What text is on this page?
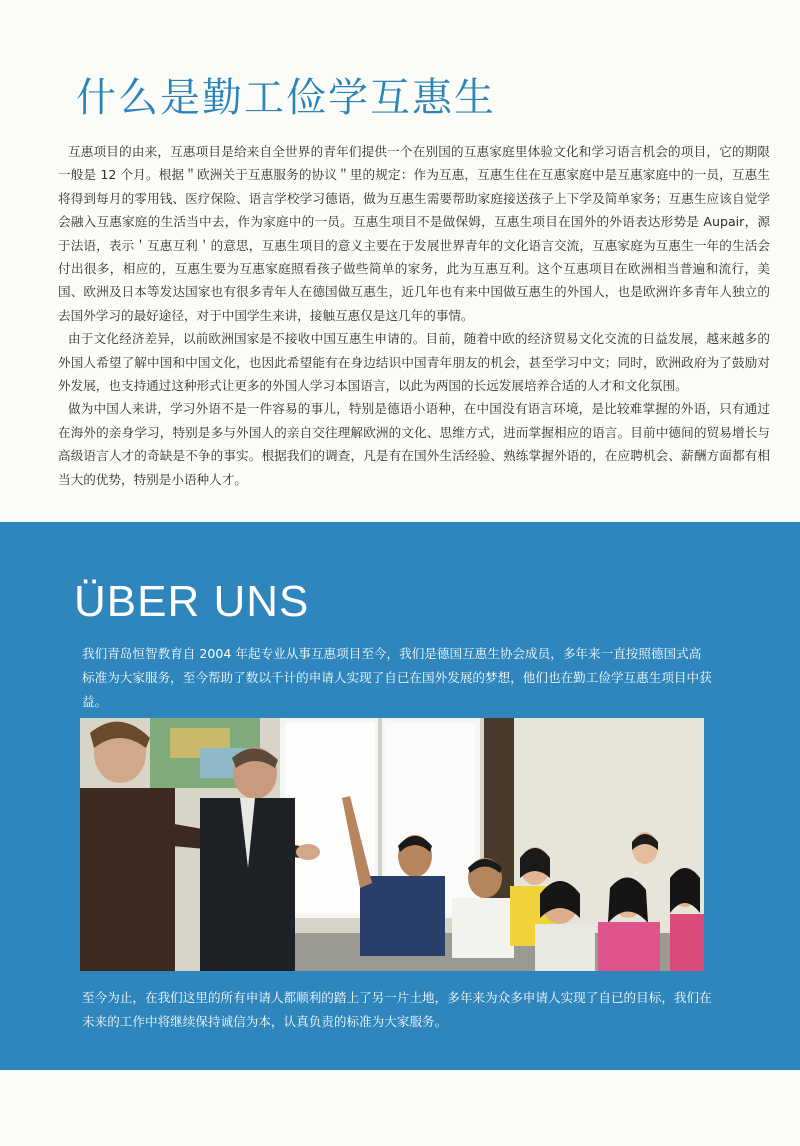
什么是勤工俭学互惠生

互惠项目的由来，互惠项目是给来自全世界的青年们提供一个在别国的互惠家庭里体验文化和学习语言机会的项目，它的期限一般是 12 个月。根据＂欧洲关于互惠服务的协议＂里的规定：作为互惠，互惠生住在互惠家庭中是互惠家庭中的一员，互惠生将得到每月的零用钱、医疗保险、语言学校学习德语，做为互惠生需要帮助家庭接送孩子上下学及简单家务；互惠生应该自觉学会融入互惠家庭的生活当中去，作为家庭中的一员。互惠生项目不是做保姆，互惠生项目在国外的外语表达形势是 Aupair，源于法语，表示＇互惠互利＇的意思，互惠生项目的意义主要在于发展世界青年的文化语言交流，互惠家庭为互惠生一年的生活会付出很多，相应的，互惠生要为互惠家庭照看孩子做些简单的家务，此为互惠互利。这个互惠项目在欧洲相当普遍和流行，美国、欧洲及日本等发达国家也有很多青年人在德国做互惠生，近几年也有来中国做互惠生的外国人，也是欧洲许多青年人独立的去国外学习的最好途径，对于中国学生来讲，接触互惠仅是这几年的事情。

由于文化经济差异，以前欧洲国家是不接收中国互惠生申请的。目前，随着中欧的经济贸易文化交流的日益发展，越来越多的外国人希望了解中国和中国文化，也因此希望能有在身边结识中国青年朋友的机会，甚至学习中文；同时，欧洲政府为了鼓励对外发展，也支持通过这种形式让更多的外国人学习本国语言，以此为两国的长远发展培养合适的人才和文化氛围。

做为中国人来讲，学习外语不是一件容易的事儿，特别是德语小语种，在中国没有语言环境，是比较难掌握的外语，只有通过在海外的亲身学习，特别是多与外国人的亲自交往理解欧洲的文化、思维方式，进而掌握相应的语言。目前中德间的贸易增长与高级语言人才的奇缺是不争的事实。根据我们的调查，凡是有在国外生活经验、熟练掌握外语的，在应聘机会、薪酬方面都有相当大的优势，特别是小语种人才。

ÜBER UNS

我们青岛恒智教育自 2004 年起专业从事互惠项目至今，我们是德国互惠生协会成员，多年来一直按照德国式高标准为大家服务，至今帮助了数以千计的申请人实现了自已在国外发展的梦想，他们也在勤工俭学互惠生项目中获益。

至今为止，在我们这里的所有申请人都顺利的踏上了另一片土地，多年来为众多申请人实现了自已的目标，我们在未来的工作中将继续保持诚信为本，认真负责的标准为大家服务。
